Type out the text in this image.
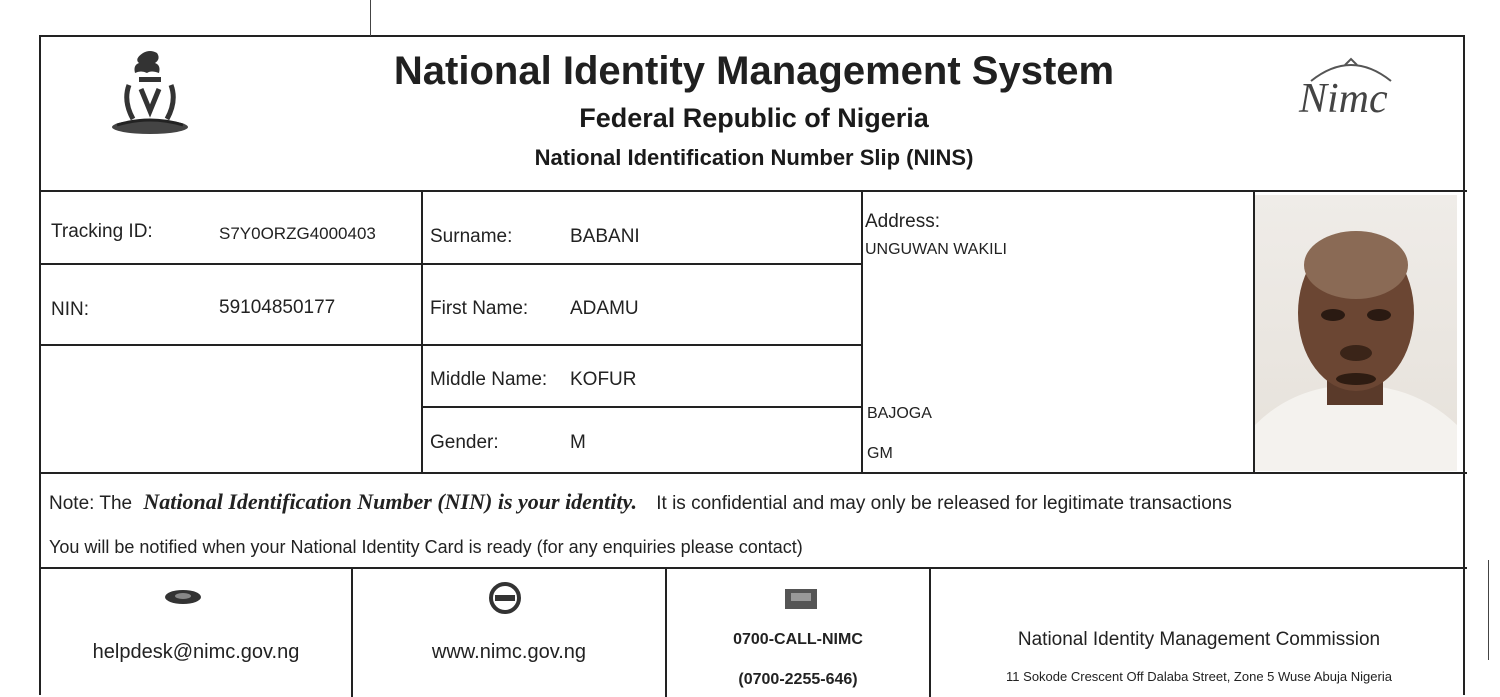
National Identity Management System
Federal Republic of Nigeria
National Identification Number Slip (NINS)
Nimc
Tracking ID:	S7Y0ORZG4000403
NIN:	59104850177
Surname:	BABANI
First Name: ADAMU
Middle Name: KOFUR
Gender:	M
Address:
UNGUWAN WAKILI
BAJOGA
GM
Note: The National Identification Number (NIN) is your identity. It is confidential and may only be released for legitimate transactions
You will be notified when your National Identity Card is ready (for any enquiries please contact)
helpdesk@nimc.gov.ng	www.nimc.gov.ng
0700-CALL-NIMC
(0700-2255-646)
National Identity Management Commission
11 Sokode Crescent Off Dalaba Street, Zone 5 Wuse Abuja Nigeria
